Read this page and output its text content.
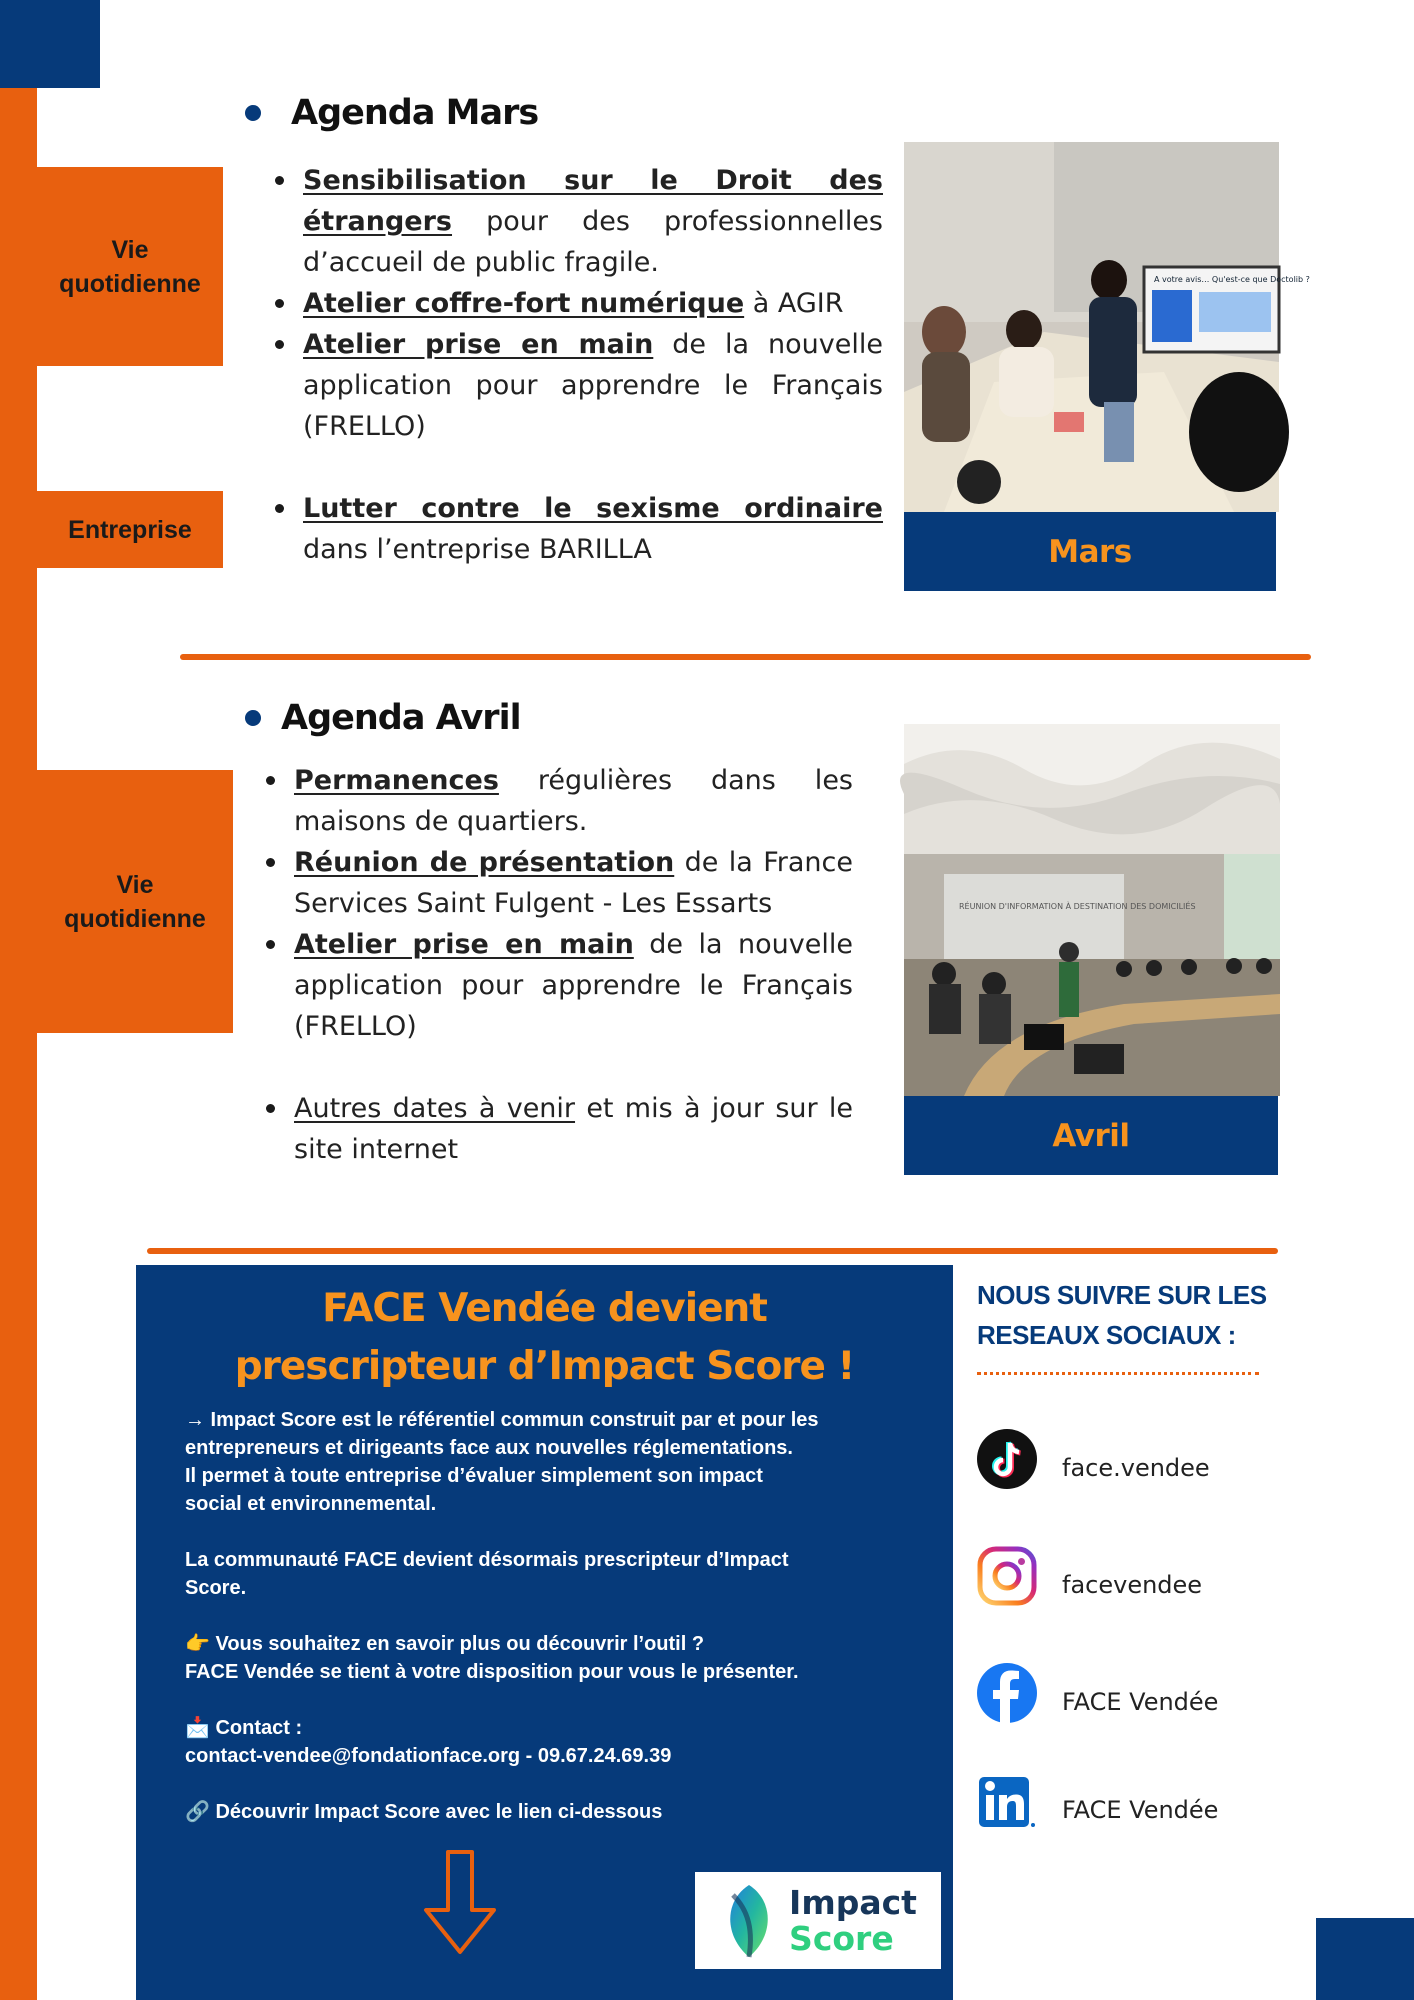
Agenda Mars
Vie quotidienne
Entreprise
Sensibilisation sur le Droit des étrangers pour des professionnelles d’accueil de public fragile.
Atelier coffre-fort numérique à AGIR
Atelier prise en main de la nouvelle application pour apprendre le Français (FRELLO)
Lutter contre le sexisme ordinaire dans l’entreprise BARILLA
A votre avis… Qu'est-ce que Doctolib ?
Mars
Agenda Avril
Vie quotidienne
Permanences régulières dans les maisons de quartiers.
Réunion de présentation de la France Services Saint Fulgent - Les Essarts
Atelier prise en main de la nouvelle application pour apprendre le Français (FRELLO)
Autres dates à venir et mis à jour sur le site internet
RÉUNION D'INFORMATION À DESTINATION DES DOMICILIÉS
Avril
FACE Vendée devient
prescripteur d’Impact Score !

→ Impact Score est le référentiel commun construit par et pour les

entrepreneurs et dirigeants face aux nouvelles réglementations.

Il permet à toute entreprise d’évaluer simplement son impact

social et environnemental.

La communauté FACE devient désormais prescripteur d’Impact

Score.

👉 Vous souhaitez en savoir plus ou découvrir l’outil ?

FACE Vendée se tient à votre disposition pour vous le présenter.

📩 Contact :

contact-vendee@fondationface.org - 09.67.24.69.39

🔗 Découvrir Impact Score avec le lien ci-dessous

Impact
Score
NOUS SUIVRE SUR LES
RESEAUX SOCIAUX :
face.vendee
facevendee
FACE Vendée
FACE Vendée
